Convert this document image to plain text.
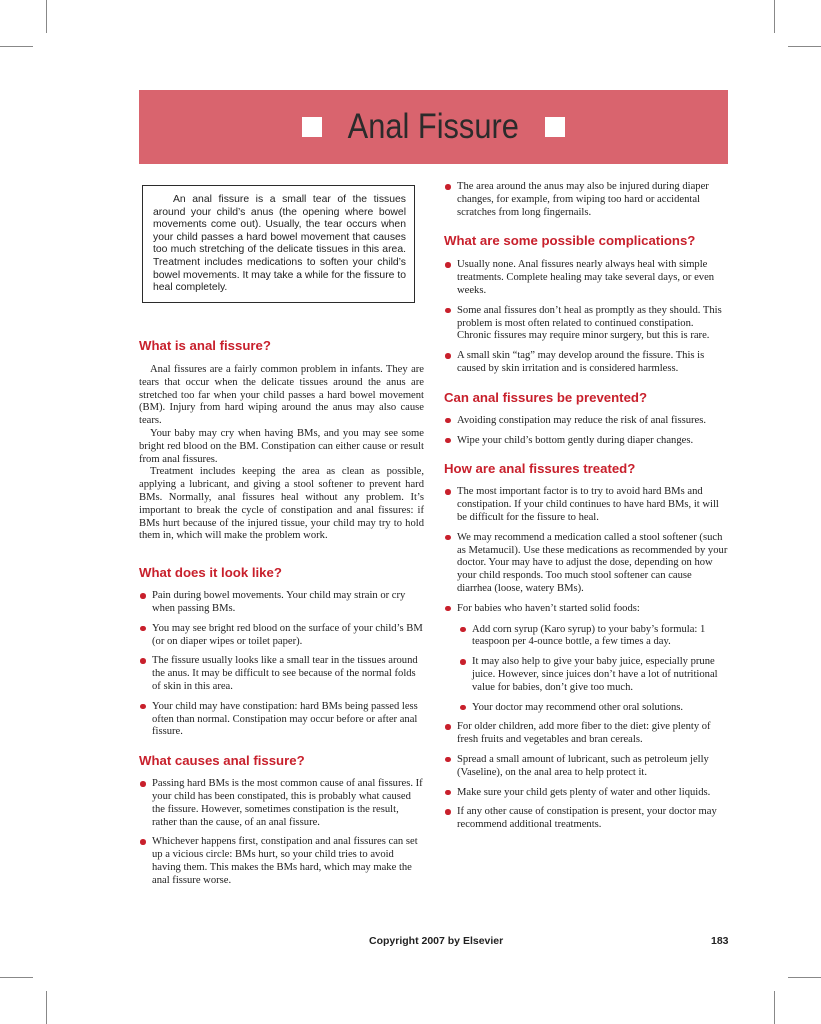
Anal Fissure

An anal fissure is a small tear of the tissues around your child’s anus (the opening where bowel movements come out). Usually, the tear occurs when your child passes a hard bowel movement that causes too much stretching of the delicate tissues in this area. Treatment includes medications to soften your child’s bowel movements. It may take a while for the fissure to heal completely.

What is anal fissure?

Anal fissures are a fairly common problem in infants. They are tears that occur when the delicate tissues around the anus are stretched too far when your child passes a hard bowel movement (BM). Injury from hard wiping around the anus may also cause tears.

Your baby may cry when having BMs, and you may see some bright red blood on the BM. Constipation can either cause or result from anal fissures.

Treatment includes keeping the area as clean as possible, applying a lubricant, and giving a stool softener to prevent hard BMs. Normally, anal fissures heal without any problem. It’s important to break the cycle of constipation and anal fissures: if BMs hurt because of the injured tissue, your child may try to hold them in, which will make the problem work.

What does it look like?
Pain during bowel movements. Your child may strain or cry when passing BMs.
You may see bright red blood on the surface of your child’s BM (or on diaper wipes or toilet paper).
The fissure usually looks like a small tear in the tissues around the anus. It may be difficult to see because of the normal folds of skin in this area.
Your child may have constipation: hard BMs being passed less often than normal. Constipation may occur before or after anal fissure.
What causes anal fissure?
Passing hard BMs is the most common cause of anal fissures. If your child has been constipated, this is probably what caused the fissure. However, sometimes constipation is the result, rather than the cause, of an anal fissure.
Whichever happens first, constipation and anal fissures can set up a vicious circle: BMs hurt, so your child tries to avoid having them. This makes the BMs hard, which may make the anal fissure worse.
The area around the anus may also be injured during diaper changes, for example, from wiping too hard or accidental scratches from long fingernails.
What are some possible complications?
Usually none. Anal fissures nearly always heal with simple treatments. Complete healing may take several days, or even weeks.
Some anal fissures don’t heal as promptly as they should. This problem is most often related to continued constipation. Chronic fissures may require minor surgery, but this is rare.
A small skin “tag” may develop around the fissure. This is caused by skin irritation and is considered harmless.
Can anal fissures be prevented?
Avoiding constipation may reduce the risk of anal fissures.
Wipe your child’s bottom gently during diaper changes.
How are anal fissures treated?
The most important factor is to try to avoid hard BMs and constipation. If your child continues to have hard BMs, it will be difficult for the fissure to heal.
We may recommend a medication called a stool softener (such as Metamucil). Use these medications as recommended by your doctor. Your may have to adjust the dose, depending on how your child responds. Too much stool softener can cause diarrhea (loose, watery BMs).
For babies who haven’t started solid foods:
Add corn syrup (Karo syrup) to your baby’s formula: 1 teaspoon per 4-ounce bottle, a few times a day.
It may also help to give your baby juice, especially prune juice. However, since juices don’t have a lot of nutritional value for babies, don’t give too much.
Your doctor may recommend other oral solutions.
For older children, add more fiber to the diet: give plenty of fresh fruits and vegetables and bran cereals.
Spread a small amount of lubricant, such as petroleum jelly (Vaseline), on the anal area to help protect it.
Make sure your child gets plenty of water and other liquids.
If any other cause of constipation is present, your doctor may recommend additional treatments.
Copyright 2007 by Elsevier	183
